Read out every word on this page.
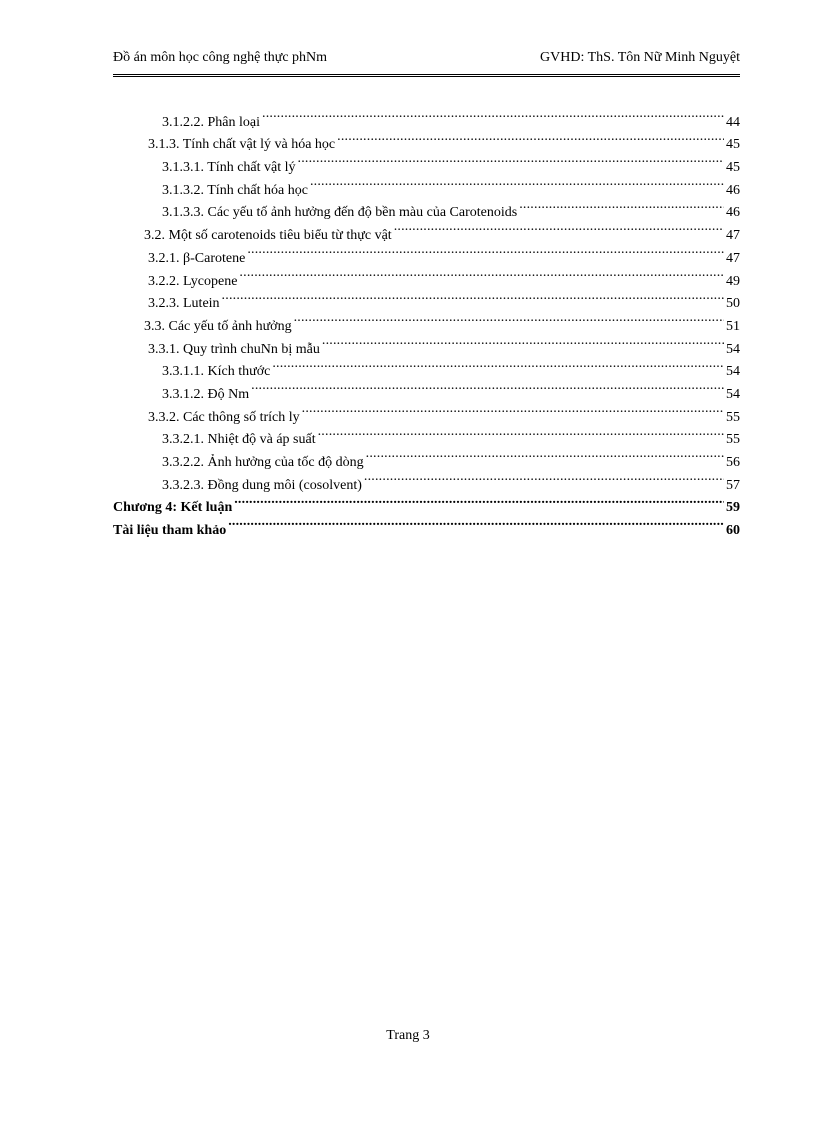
Đồ án môn học công nghệ thực phNm	GVHD: ThS. Tôn Nữ Minh Nguyệt
3.1.2.2. Phân loại .....	44
3.1.3. Tính chất vật lý và hóa học .....	45
3.1.3.1. Tính chất vật lý .....	45
3.1.3.2. Tính chất hóa học .....	46
3.1.3.3. Các yếu tố ảnh hưởng đến độ bền màu của Carotenoids .....	46
3.2. Một số carotenoids tiêu biểu từ thực vật .....	47
3.2.1. β-Carotene .....	47
3.2.2. Lycopene .....	49
3.2.3. Lutein .....	50
3.3. Các yếu tố ảnh hưởng .....	51
3.3.1. Quy trình chuNn bị mẫu .....	54
3.3.1.1. Kích thước .....	54
3.3.1.2. Độ Nm .....	54
3.3.2. Các thông số trích ly .....	55
3.3.2.1. Nhiệt độ và áp suất .....	55
3.3.2.2. Ảnh hưởng của tốc độ dòng .....	56
3.3.2.3. Đồng dung môi (cosolvent) .....	57
Chương 4: Kết luận .....	59
Tài liệu tham khảo .....	60
Trang 3
